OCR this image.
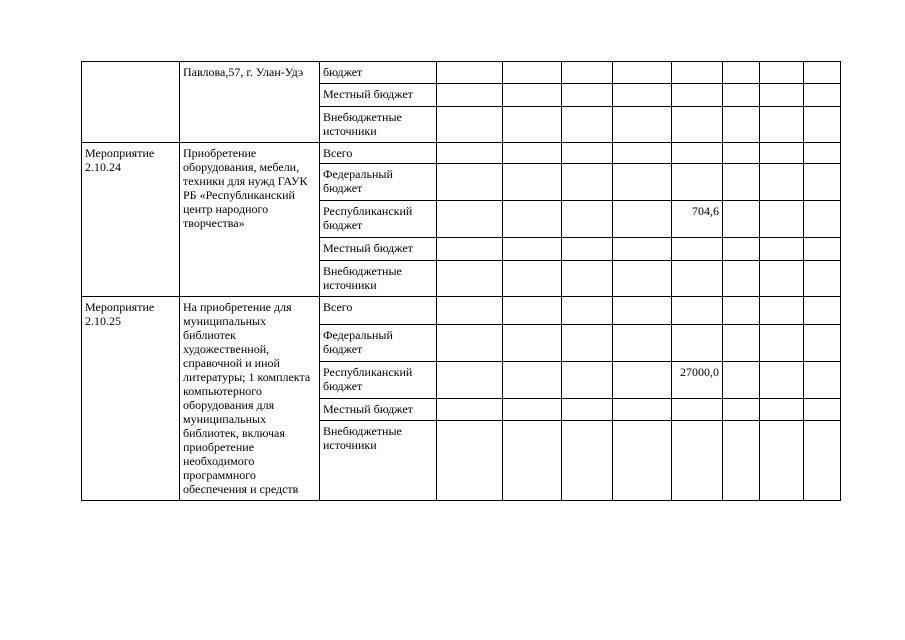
	Павлова,57, г. Улан-Удэ	бюджет								
		Местный бюджет								
		Внебюджетные источники								
Мероприятие 2.10.24	Приобретение оборудования, мебели, техники для нужд ГАУК РБ «Республиканский центр народного творчества»	Всего								
		Федеральный бюджет								
		Республиканский бюджет					704,6			
		Местный бюджет								
		Внебюджетные источники								
Мероприятие 2.10.25	На приобретение для муниципальных библиотек художественной, справочной и иной литературы; 1 комплекта компьютерного оборудования для муниципальных библиотек, включая приобретение необходимого программного обеспечения и средств	Всего								
		Федеральный бюджет								
		Республиканский бюджет					27000,0			
		Местный бюджет								
		Внебюджетные источники								
